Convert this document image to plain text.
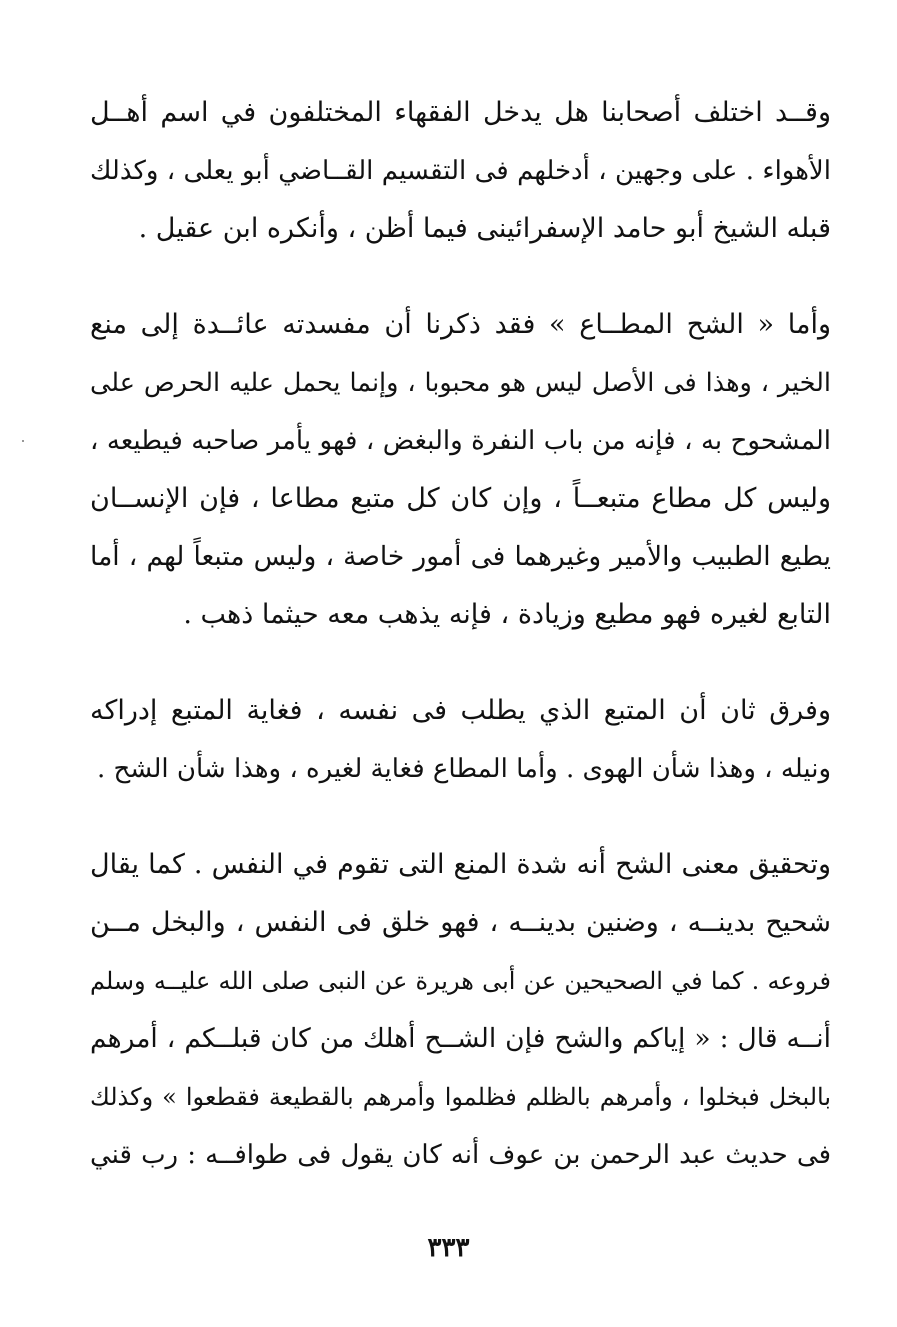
وقــد اختلف أصحابنا هل يدخل الفقهاء المختلفون في اسم أهــل
الأهواء . على وجهين ، أدخلهم فى التقسيم القــاضي أبو يعلى ، وكذلك
قبله الشيخ أبو حامد الإسفرائينى فيما أظن ، وأنكره ابن عقيل .
وأما « الشح المطــاع » فقد ذكرنا أن مفسدته عائــدة إلى منع
الخير ، وهذا فى الأصل ليس هو محبوبا ، وإنما يحمل عليه الحرص على
المشحوح به ، فإنه من باب النفرة والبغض ، فهو يأمر صاحبه فيطيعه ،
وليس كل مطاع متبعــاً ، وإن كان كل متبع مطاعا ، فإن الإنســان
يطيع الطبيب والأمير وغيرهما فى أمور خاصة ، وليس متبعاً لهم ، أما
التابع لغيره فهو مطيع وزيادة ، فإنه يذهب معه حيثما ذهب .
وفرق ثان أن المتبع الذي يطلب فى نفسه ، فغاية المتبع إدراكه
ونيله ، وهذا شأن الهوى . وأما المطاع فغاية لغيره ، وهذا شأن الشح .
وتحقيق معنى الشح أنه شدة المنع التى تقوم في النفس . كما يقال
شحيح بدينــه ، وضنين بدينــه ، فهو خلق فى النفس ، والبخل مــن
فروعه . كما في الصحيحين عن أبى هريرة عن النبى صلى الله عليــه وسلم
أنــه قال : « إياكم والشح فإن الشــح أهلك من كان قبلــكم ، أمرهم
بالبخل فبخلوا ، وأمرهم بالظلم فظلموا وأمرهم بالقطيعة فقطعوا » وكذلك
فى حديث عبد الرحمن بن عوف أنه كان يقول فى طوافــه : رب قني
٣٣٣
